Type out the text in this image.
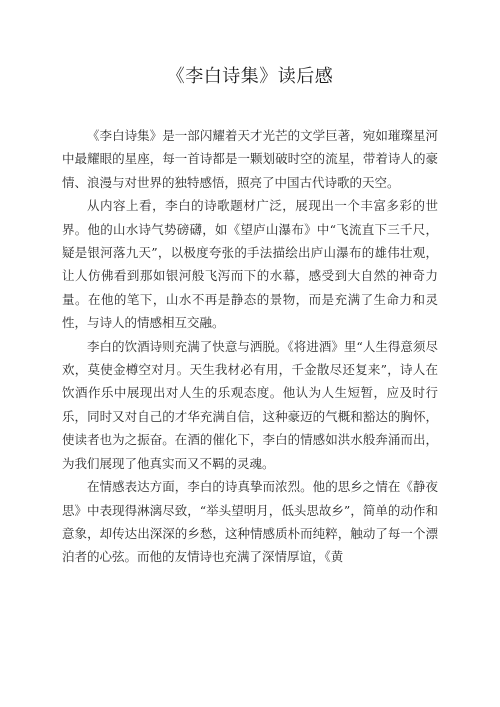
《李白诗集》读后感

《李白诗集》是一部闪耀着天才光芒的文学巨著，宛如璀璨星河中最耀眼的星座，每一首诗都是一颗划破时空的流星，带着诗人的豪情、浪漫与对世界的独特感悟，照亮了中国古代诗歌的天空。

从内容上看，李白的诗歌题材广泛，展现出一个丰富多彩的世界。他的山水诗气势磅礴，如《望庐山瀑布》中“飞流直下三千尺，疑是银河落九天”，以极度夸张的手法描绘出庐山瀑布的雄伟壮观，让人仿佛看到那如银河般飞泻而下的水幕，感受到大自然的神奇力量。在他的笔下，山水不再是静态的景物，而是充满了生命力和灵性，与诗人的情感相互交融。

李白的饮酒诗则充满了快意与洒脱。《将进酒》里“人生得意须尽欢，莫使金樽空对月。天生我材必有用，千金散尽还复来”，诗人在饮酒作乐中展现出对人生的乐观态度。他认为人生短暂，应及时行乐，同时又对自己的才华充满自信，这种豪迈的气概和豁达的胸怀，使读者也为之振奋。在酒的催化下，李白的情感如洪水般奔涌而出，为我们展现了他真实而又不羁的灵魂。

在情感表达方面，李白的诗真挚而浓烈。他的思乡之情在《静夜思》中表现得淋漓尽致，“举头望明月，低头思故乡”，简单的动作和意象，却传达出深深的乡愁，这种情感质朴而纯粹，触动了每一个漂泊者的心弦。而他的友情诗也充满了深情厚谊，《黄
